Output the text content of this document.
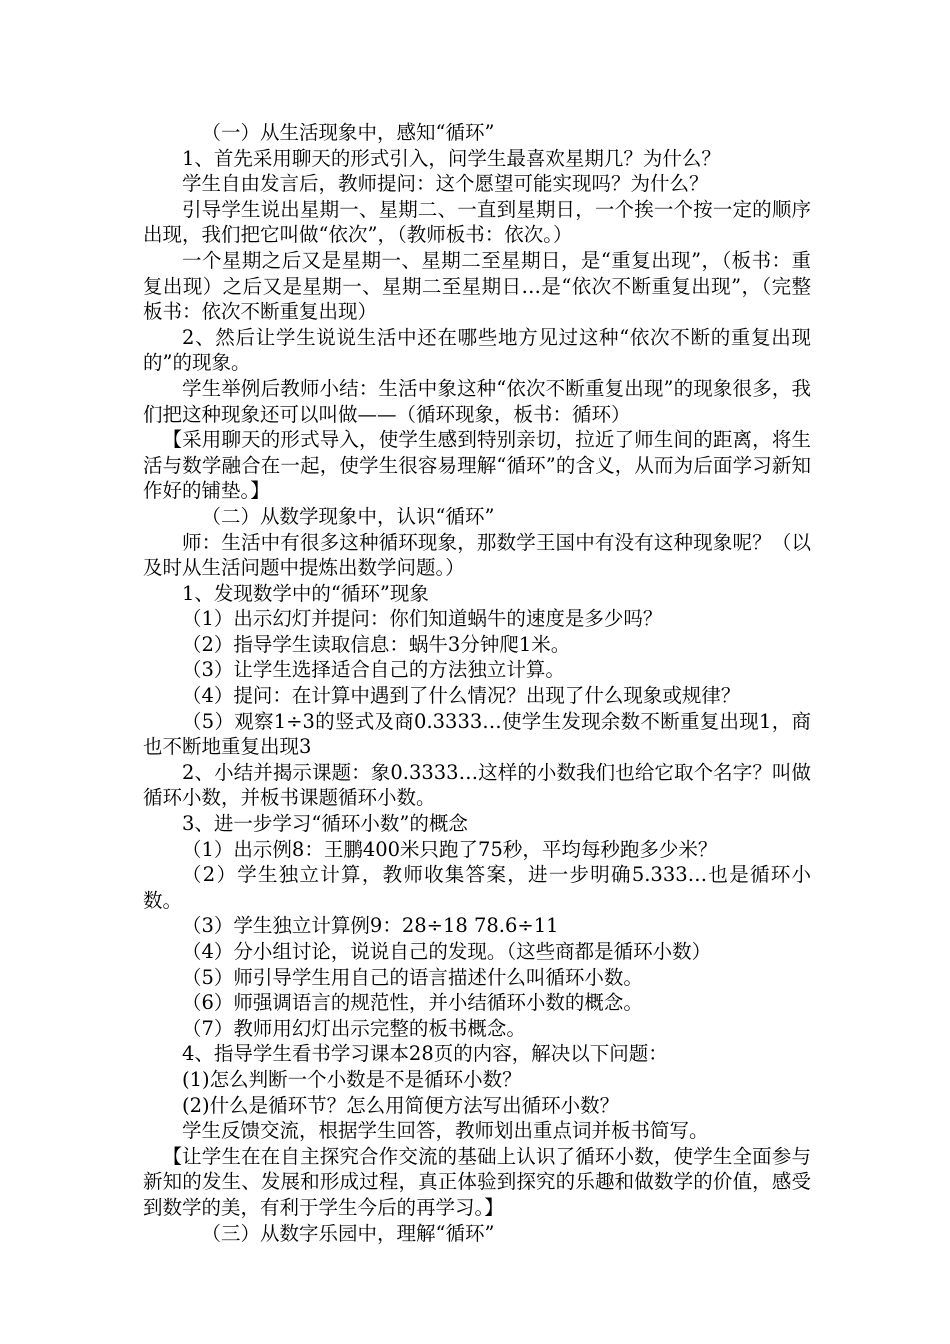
（一）从生活现象中，感知“循环”

1、首先采用聊天的形式引入，问学生最喜欢星期几？为什么？

学生自由发言后，教师提问：这个愿望可能实现吗？为什么？

引导学生说出星期一、星期二、一直到星期日，一个挨一个按一定的顺序出现，我们把它叫做“依次”，（教师板书：依次。）

一个星期之后又是星期一、星期二至星期日，是“重复出现”，（板书：重复出现）之后又是星期一、星期二至星期日…是“依次不断重复出现”，（完整板书：依次不断重复出现）

2、然后让学生说说生活中还在哪些地方见过这种“依次不断的重复出现的”的现象。

学生举例后教师小结：生活中象这种“依次不断重复出现”的现象很多，我们把这种现象还可以叫做——（循环现象，板书：循环）

【采用聊天的形式导入，使学生感到特别亲切，拉近了师生间的距离，将生活与数学融合在一起，使学生很容易理解“循环”的含义，从而为后面学习新知作好的铺垫。】

（二）从数学现象中，认识“循环”

师：生活中有很多这种循环现象，那数学王国中有没有这种现象呢？（以及时从生活问题中提炼出数学问题。）

1、发现数学中的“循环”现象

（1）出示幻灯并提问：你们知道蜗牛的速度是多少吗？

（2）指导学生读取信息：蜗牛3分钟爬1米。

（3）让学生选择适合自己的方法独立计算。

（4）提问：在计算中遇到了什么情况？出现了什么现象或规律？

（5）观察1÷3的竖式及商0.3333…使学生发现余数不断重复出现1，商也不断地重复出现3

2、小结并揭示课题：象0.3333…这样的小数我们也给它取个名字？叫做循环小数，并板书课题循环小数。

3、进一步学习“循环小数”的概念

（1）出示例8：王鹏400米只跑了75秒，平均每秒跑多少米？

（2）学生独立计算，教师收集答案，进一步明确5.333…也是循环小数。

（3）学生独立计算例9：28÷18 78.6÷11

（4）分小组讨论，说说自己的发现。（这些商都是循环小数）

（5）师引导学生用自己的语言描述什么叫循环小数。

（6）师强调语言的规范性，并小结循环小数的概念。

（7）教师用幻灯出示完整的板书概念。

4、指导学生看书学习课本28页的内容，解决以下问题：

(1)怎么判断一个小数是不是循环小数？

(2)什么是循环节？怎么用简便方法写出循环小数？

学生反馈交流，根据学生回答，教师划出重点词并板书简写。

【让学生在在自主探究合作交流的基础上认识了循环小数，使学生全面参与新知的发生、发展和形成过程，真正体验到探究的乐趣和做数学的价值，感受到数学的美，有利于学生今后的再学习。】

（三）从数字乐园中，理解“循环”
